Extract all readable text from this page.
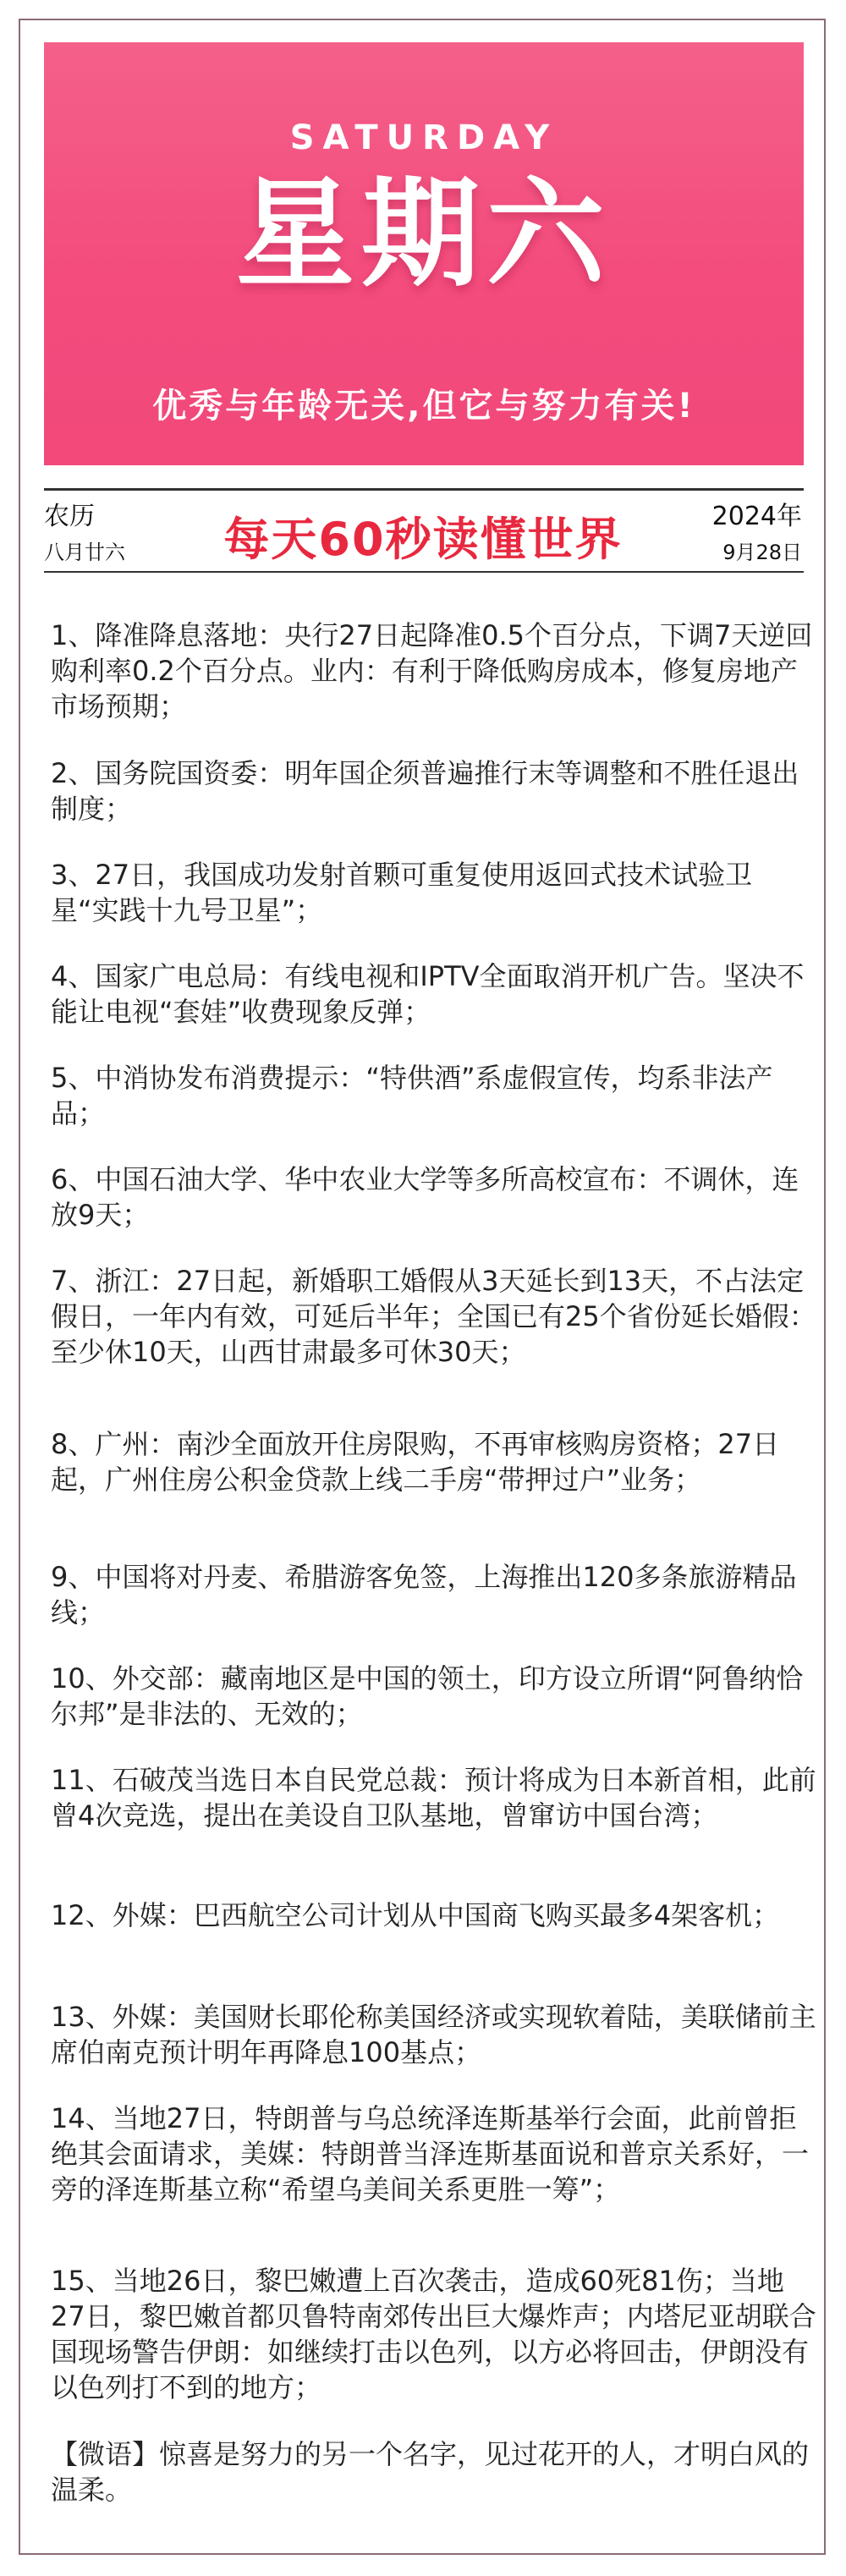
SATURDAY
星期六
优秀与年龄无关,但它与努力有关!
农历
八月廿六	每天60秒读懂世界	2024年
9月28日
1、降准降息落地：央行27日起降准0.5个百分点，下调7天逆回购利率0.2个百分点。业内：有利于降低购房成本，修复房地产市场预期；
2、国务院国资委：明年国企须普遍推行末等调整和不胜任退出制度；
3、27日，我国成功发射首颗可重复使用返回式技术试验卫星“实践十九号卫星”；
4、国家广电总局：有线电视和IPTV全面取消开机广告。坚决不能让电视“套娃”收费现象反弹；
5、中消协发布消费提示：“特供酒”系虚假宣传，均系非法产品；
6、中国石油大学、华中农业大学等多所高校宣布：不调休，连放9天；
7、浙江：27日起，新婚职工婚假从3天延长到13天，不占法定假日，一年内有效，可延后半年；全国已有25个省份延长婚假：至少休10天，山西甘肃最多可休30天；
8、广州：南沙全面放开住房限购，不再审核购房资格；27日起，广州住房公积金贷款上线二手房“带押过户”业务；
9、中国将对丹麦、希腊游客免签，上海推出120多条旅游精品线；
10、外交部：藏南地区是中国的领土，印方设立所谓“阿鲁纳恰尔邦”是非法的、无效的；
11、石破茂当选日本自民党总裁：预计将成为日本新首相，此前曾4次竞选，提出在美设自卫队基地，曾窜访中国台湾；
12、外媒：巴西航空公司计划从中国商飞购买最多4架客机；
13、外媒：美国财长耶伦称美国经济或实现软着陆，美联储前主席伯南克预计明年再降息100基点；
14、当地27日，特朗普与乌总统泽连斯基举行会面，此前曾拒绝其会面请求，美媒：特朗普当泽连斯基面说和普京关系好，一旁的泽连斯基立称“希望乌美间关系更胜一筹”；
15、当地26日，黎巴嫩遭上百次袭击，造成60死81伤；当地27日，黎巴嫩首都贝鲁特南郊传出巨大爆炸声；内塔尼亚胡联合国现场警告伊朗：如继续打击以色列，以方必将回击，伊朗没有以色列打不到的地方；
【微语】惊喜是努力的另一个名字，见过花开的人，才明白风的温柔。
